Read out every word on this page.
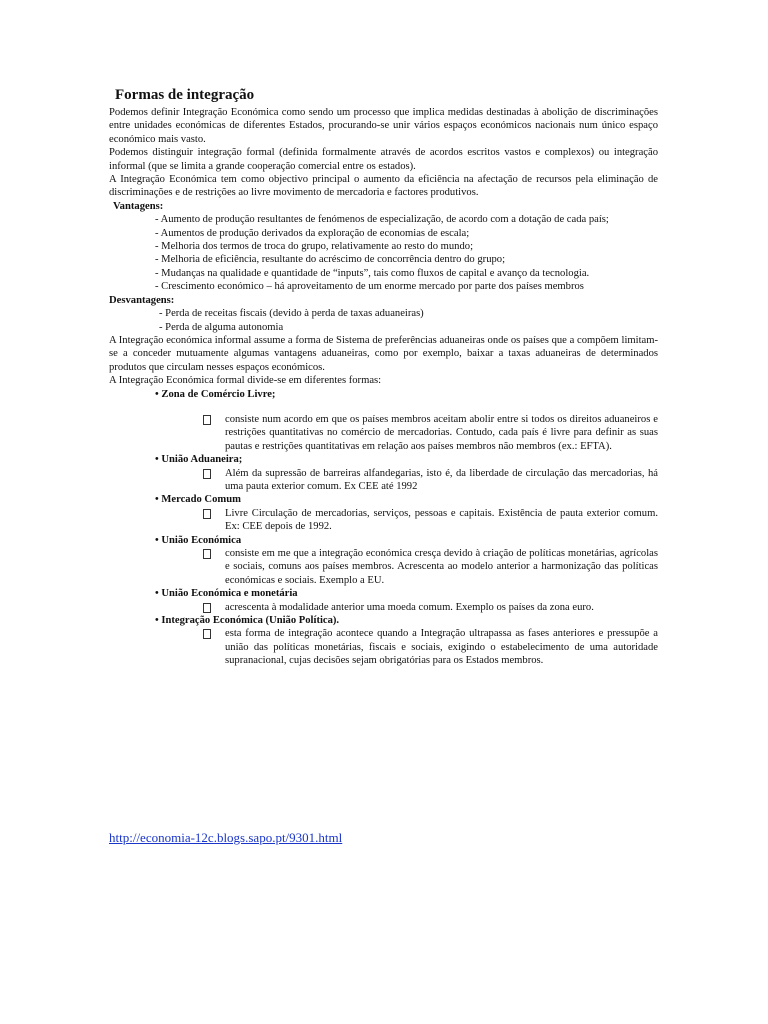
Formas de integração

Podemos definir Integração Económica como sendo um processo que implica medidas destinadas à abolição de discriminações entre unidades económicas de diferentes Estados, procurando-se unir vários espaços económicos nacionais num único espaço económico mais vasto.

Podemos distinguir integração formal (definida formalmente através de acordos escritos vastos e complexos) ou integração informal (que se limita a grande cooperação comercial entre os estados).

A Integração Económica tem como objectivo principal o aumento da eficiência na afectação de recursos pela eliminação de discriminações e de restrições ao livre movimento de mercadoria e factores produtivos.

Vantagens:

- Aumento de produção resultantes de fenómenos de especialização, de acordo com a dotação de cada país;

- Aumentos de produção derivados da exploração de economias de escala;

- Melhoria dos termos de troca do grupo, relativamente ao resto do mundo;

- Melhoria de eficiência, resultante do acréscimo de concorrência dentro do grupo;

- Mudanças na qualidade e quantidade de “inputs”, tais como fluxos de capital e avanço da tecnologia.

- Crescimento económico – há aproveitamento de um enorme mercado por parte dos países membros

Desvantagens:

- Perda de receitas fiscais (devido à perda de taxas aduaneiras)

- Perda de alguma autonomia

A Integração económica informal assume a forma de Sistema de preferências aduaneiras onde os países que a compõem limitam-se a conceder mutuamente algumas vantagens aduaneiras, como por exemplo, baixar a taxas aduaneiras de determinados produtos que circulam nesses espaços económicos.

A Integração Económica formal divide-se em diferentes formas:

• Zona de Comércio Livre;

consiste num acordo em que os países membros aceitam abolir entre si todos os direitos aduaneiros e restrições quantitativas no comércio de mercadorias. Contudo, cada país é livre para definir as suas pautas e restrições quantitativas em relação aos países membros não membros (ex.: EFTA).

• União Aduaneira;

Além da supressão de barreiras alfandegarias, isto é, da liberdade de circulação das mercadorias, há uma pauta exterior comum. Ex CEE até 1992

• Mercado Comum

Livre Circulação de mercadorias, serviços, pessoas e capitais. Existência de pauta exterior comum. Ex: CEE depois de 1992.

• União Económica

consiste em me que a integração económica cresça devido à criação de políticas monetárias, agrícolas e sociais, comuns aos países membros. Acrescenta ao modelo anterior a harmonização das políticas económicas e sociais. Exemplo a EU.

• União Económica e monetária

acrescenta à modalidade anterior uma moeda comum. Exemplo os países da zona euro.

• Integração Económica (União Política).

esta forma de integração acontece quando a Integração ultrapassa as fases anteriores e pressupõe a união das políticas monetárias, fiscais e sociais, exigindo o estabelecimento de uma autoridade supranacional, cujas decisões sejam obrigatórias para os Estados membros.
http://economia-12c.blogs.sapo.pt/9301.html
